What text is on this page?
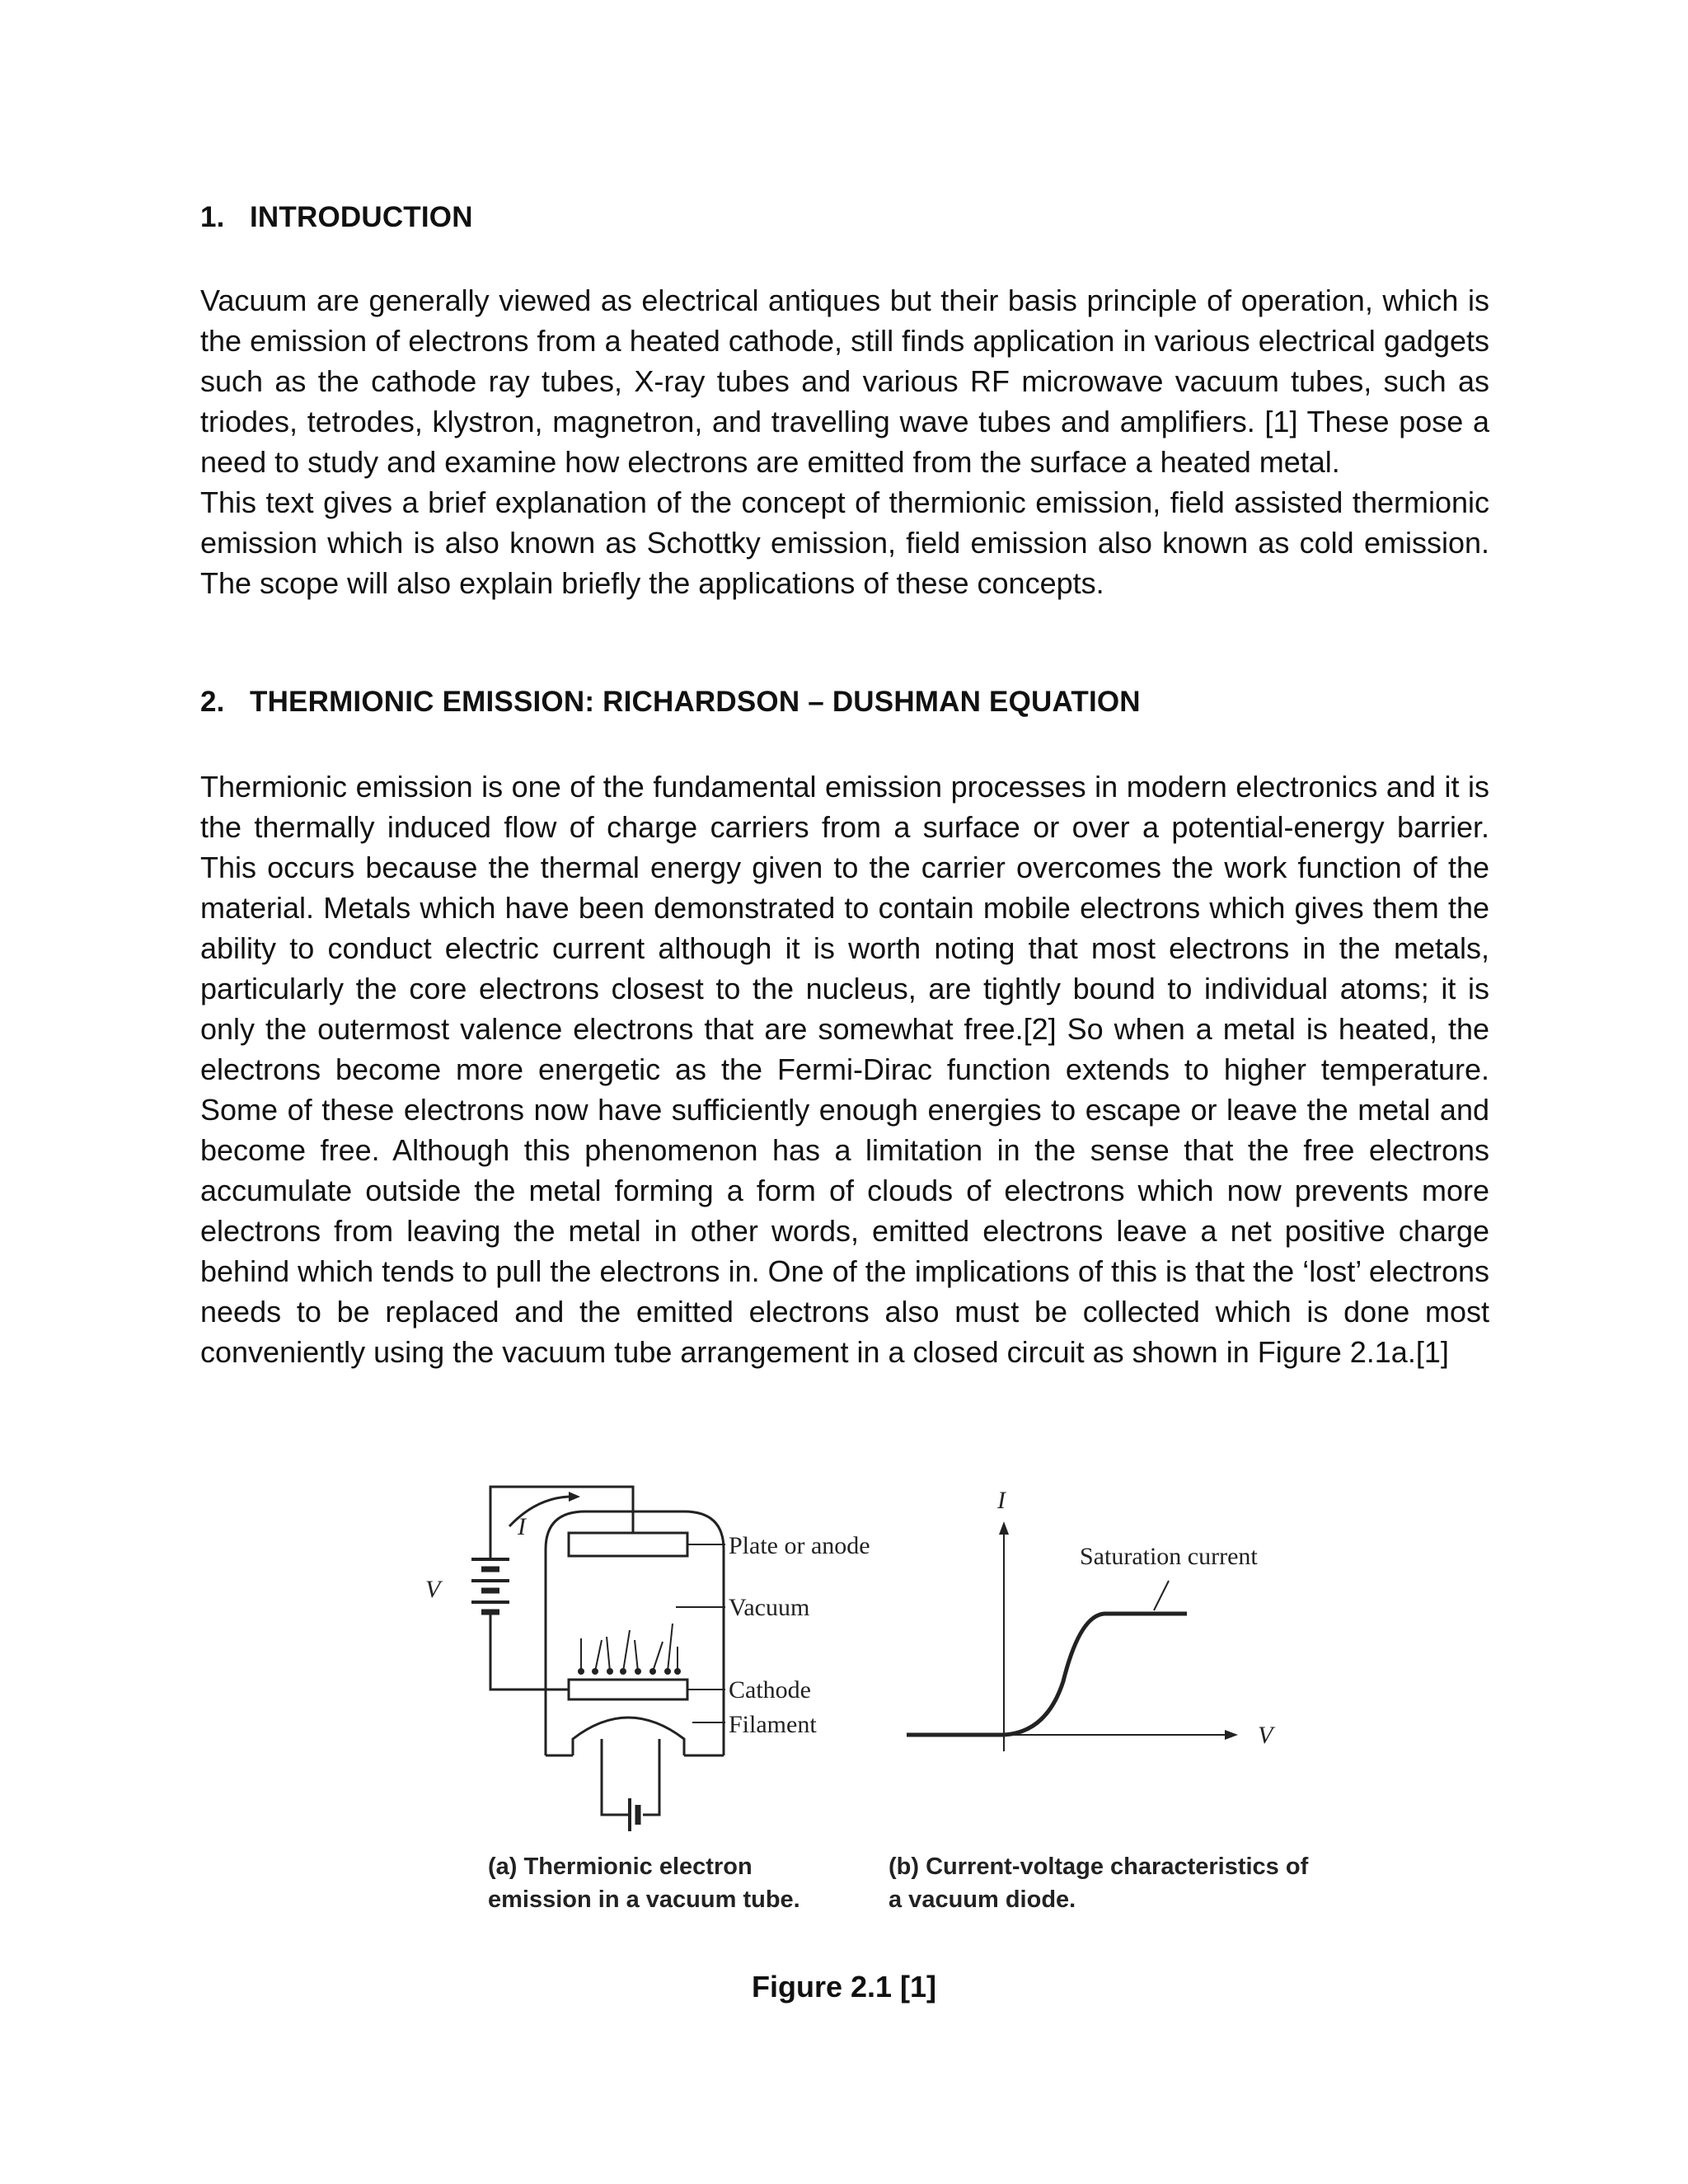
1. INTRODUCTION

Vacuum are generally viewed as electrical antiques but their basis principle of operation, which is the emission of electrons from a heated cathode, still finds application in various electrical gadgets such as the cathode ray tubes, X-ray tubes and various RF microwave vacuum tubes, such as triodes, tetrodes, klystron, magnetron, and travelling wave tubes and amplifiers. [1] These pose a need to study and examine how electrons are emitted from the surface a heated metal.

This text gives a brief explanation of the concept of thermionic emission, field assisted thermionic emission which is also known as Schottky emission, field emission also known as cold emission. The scope will also explain briefly the applications of these concepts.

2. THERMIONIC EMISSION: RICHARDSON – DUSHMAN EQUATION

Thermionic emission is one of the fundamental emission processes in modern electronics and it is the thermally induced flow of charge carriers from a surface or over a potential-energy barrier. This occurs because the thermal energy given to the carrier overcomes the work function of the material. Metals which have been demonstrated to contain mobile electrons which gives them the ability to conduct electric current although it is worth noting that most electrons in the metals, particularly the core electrons closest to the nucleus, are tightly bound to individual atoms; it is only the outermost valence electrons that are somewhat free.[2] So when a metal is heated, the electrons become more energetic as the Fermi-Dirac function extends to higher temperature. Some of these electrons now have sufficiently enough energies to escape or leave the metal and become free. Although this phenomenon has a limitation in the sense that the free electrons accumulate outside the metal forming a form of clouds of electrons which now prevents more electrons from leaving the metal in other words, emitted electrons leave a net positive charge behind which tends to pull the electrons in. One of the implications of this is that the ‘lost’ electrons needs to be replaced and the emitted electrons also must be collected which is done most conveniently using the vacuum tube arrangement in a closed circuit as shown in Figure 2.1a.[1]

I
V
Plate or anode
Vacuum
Cathode
Filament
I
V
Saturation current
(a) Thermionic electron
emission in a vacuum tube.
(b) Current-voltage characteristics of
a vacuum diode.
Figure 2.1 [1]
